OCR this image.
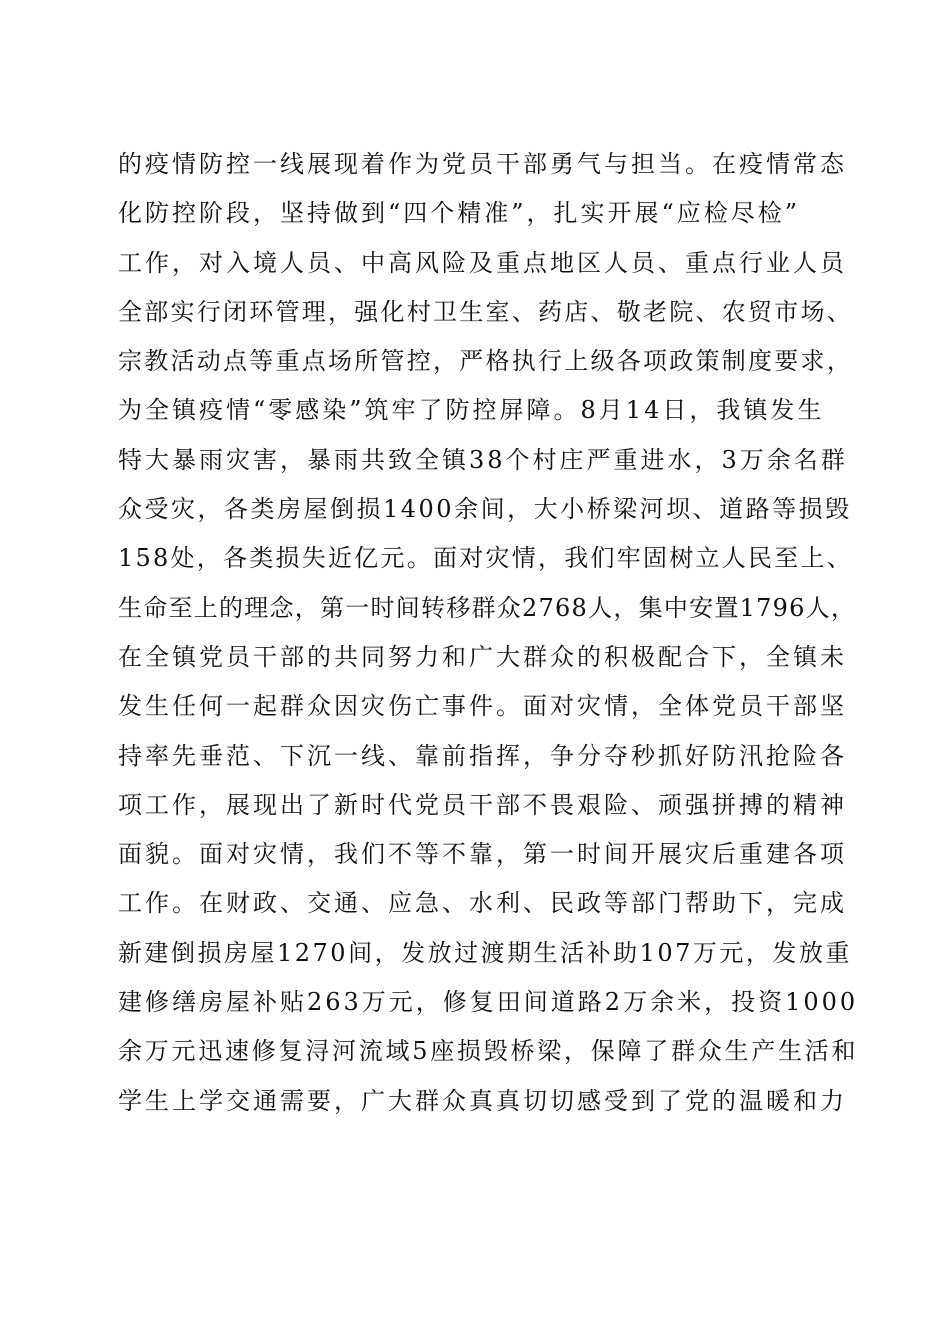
的疫情防控一线展现着作为党员干部勇气与担当。在疫情常态
化防控阶段，坚持做到“四个精准”，扎实开展“应检尽检”
工作，对入境人员、中高风险及重点地区人员、重点行业人员
全部实行闭环管理，强化村卫生室、药店、敬老院、农贸市场、
宗教活动点等重点场所管控，严格执行上级各项政策制度要求，
为全镇疫情“零感染”筑牢了防控屏障。8月14日，我镇发生
特大暴雨灾害，暴雨共致全镇38个村庄严重进水，3万余名群
众受灾，各类房屋倒损1400余间，大小桥梁河坝、道路等损毁
158处，各类损失近亿元。面对灾情，我们牢固树立人民至上、
生命至上的理念，第一时间转移群众2768人，集中安置1796人，
在全镇党员干部的共同努力和广大群众的积极配合下，全镇未
发生任何一起群众因灾伤亡事件。面对灾情，全体党员干部坚
持率先垂范、下沉一线、靠前指挥，争分夺秒抓好防汛抢险各
项工作，展现出了新时代党员干部不畏艰险、顽强拼搏的精神
面貌。面对灾情，我们不等不靠，第一时间开展灾后重建各项
工作。在财政、交通、应急、水利、民政等部门帮助下，完成
新建倒损房屋1270间，发放过渡期生活补助107万元，发放重
建修缮房屋补贴263万元，修复田间道路2万余米，投资1000
余万元迅速修复浔河流域5座损毁桥梁，保障了群众生产生活和
学生上学交通需要，广大群众真真切切感受到了党的温暖和力
